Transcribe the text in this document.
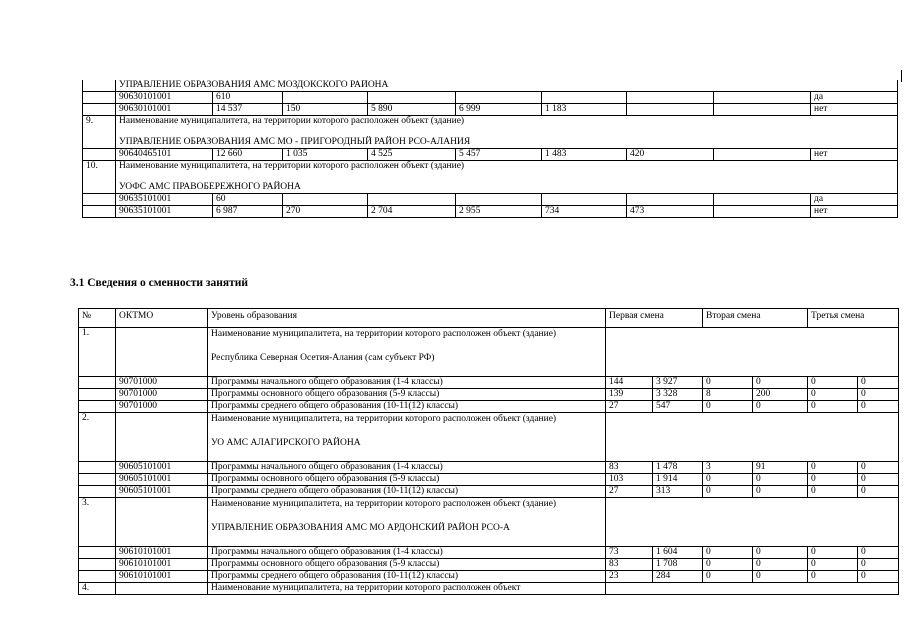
	УПРАВЛЕНИЕ ОБРАЗОВАНИЯ АМС МОЗДОКСКОГО РАЙОНА								
	90630101001	610							да
	90630101001	14 537	150	5 890	6 999	1 183			нет
9.	Наименование муниципалитета, на территории которого расположен объект (здание)								
	УПРАВЛЕНИЕ ОБРАЗОВАНИЯ АМС МО - ПРИГОРОДНЫЙ РАЙОН РСО-АЛАНИЯ								
	90640465101	12 660	1 035	4 525	5 457	1 483	420		нет
10.	Наименование муниципалитета, на территории которого расположен объект (здание)								
	УОФС АМС ПРАВОБЕРЕЖНОГО РАЙОНА								
	90635101001	60							да
	90635101001	6 987	270	2 704	2 955	734	473		нет
3.1 Сведения о сменности занятий
№	ОКТМО	Уровень образования	Первая смена		Вторая смена		Третья смена	
1.		Наименование муниципалитета, на территории которого расположен объект (здание)
Республика Северная Осетия-Алания (сам субъект РФ)						

	90701000	Программы начального общего образования (1-4 классы)	144	3 927	0	0	0	0
	90701000	Программы основного общего образования (5-9 классы)	139	3 328	8	200	0	0
	90701000	Программы среднего общего образования (10-11(12) классы)	27	547	0	0	0	0
2.		Наименование муниципалитета, на территории которого расположен объект (здание)
УО АМС АЛАГИРСКОГО РАЙОНА						

	90605101001	Программы начального общего образования (1-4 классы)	83	1 478	3	91	0	0
	90605101001	Программы основного общего образования (5-9 классы)	103	1 914	0	0	0	0
	90605101001	Программы среднего общего образования (10-11(12) классы)	27	313	0	0	0	0
3.		Наименование муниципалитета, на территории которого расположен объект (здание)
УПРАВЛЕНИЕ ОБРАЗОВАНИЯ АМС МО АРДОНСКИЙ РАЙОН РСО-А						

	90610101001	Программы начального общего образования (1-4 классы)	73	1 604	0	0	0	0
	90610101001	Программы основного общего образования (5-9 классы)	83	1 708	0	0	0	0
	90610101001	Программы среднего общего образования (10-11(12) классы)	23	284	0	0	0	0
4.		Наименование муниципалитета, на территории которого расположен объект						
